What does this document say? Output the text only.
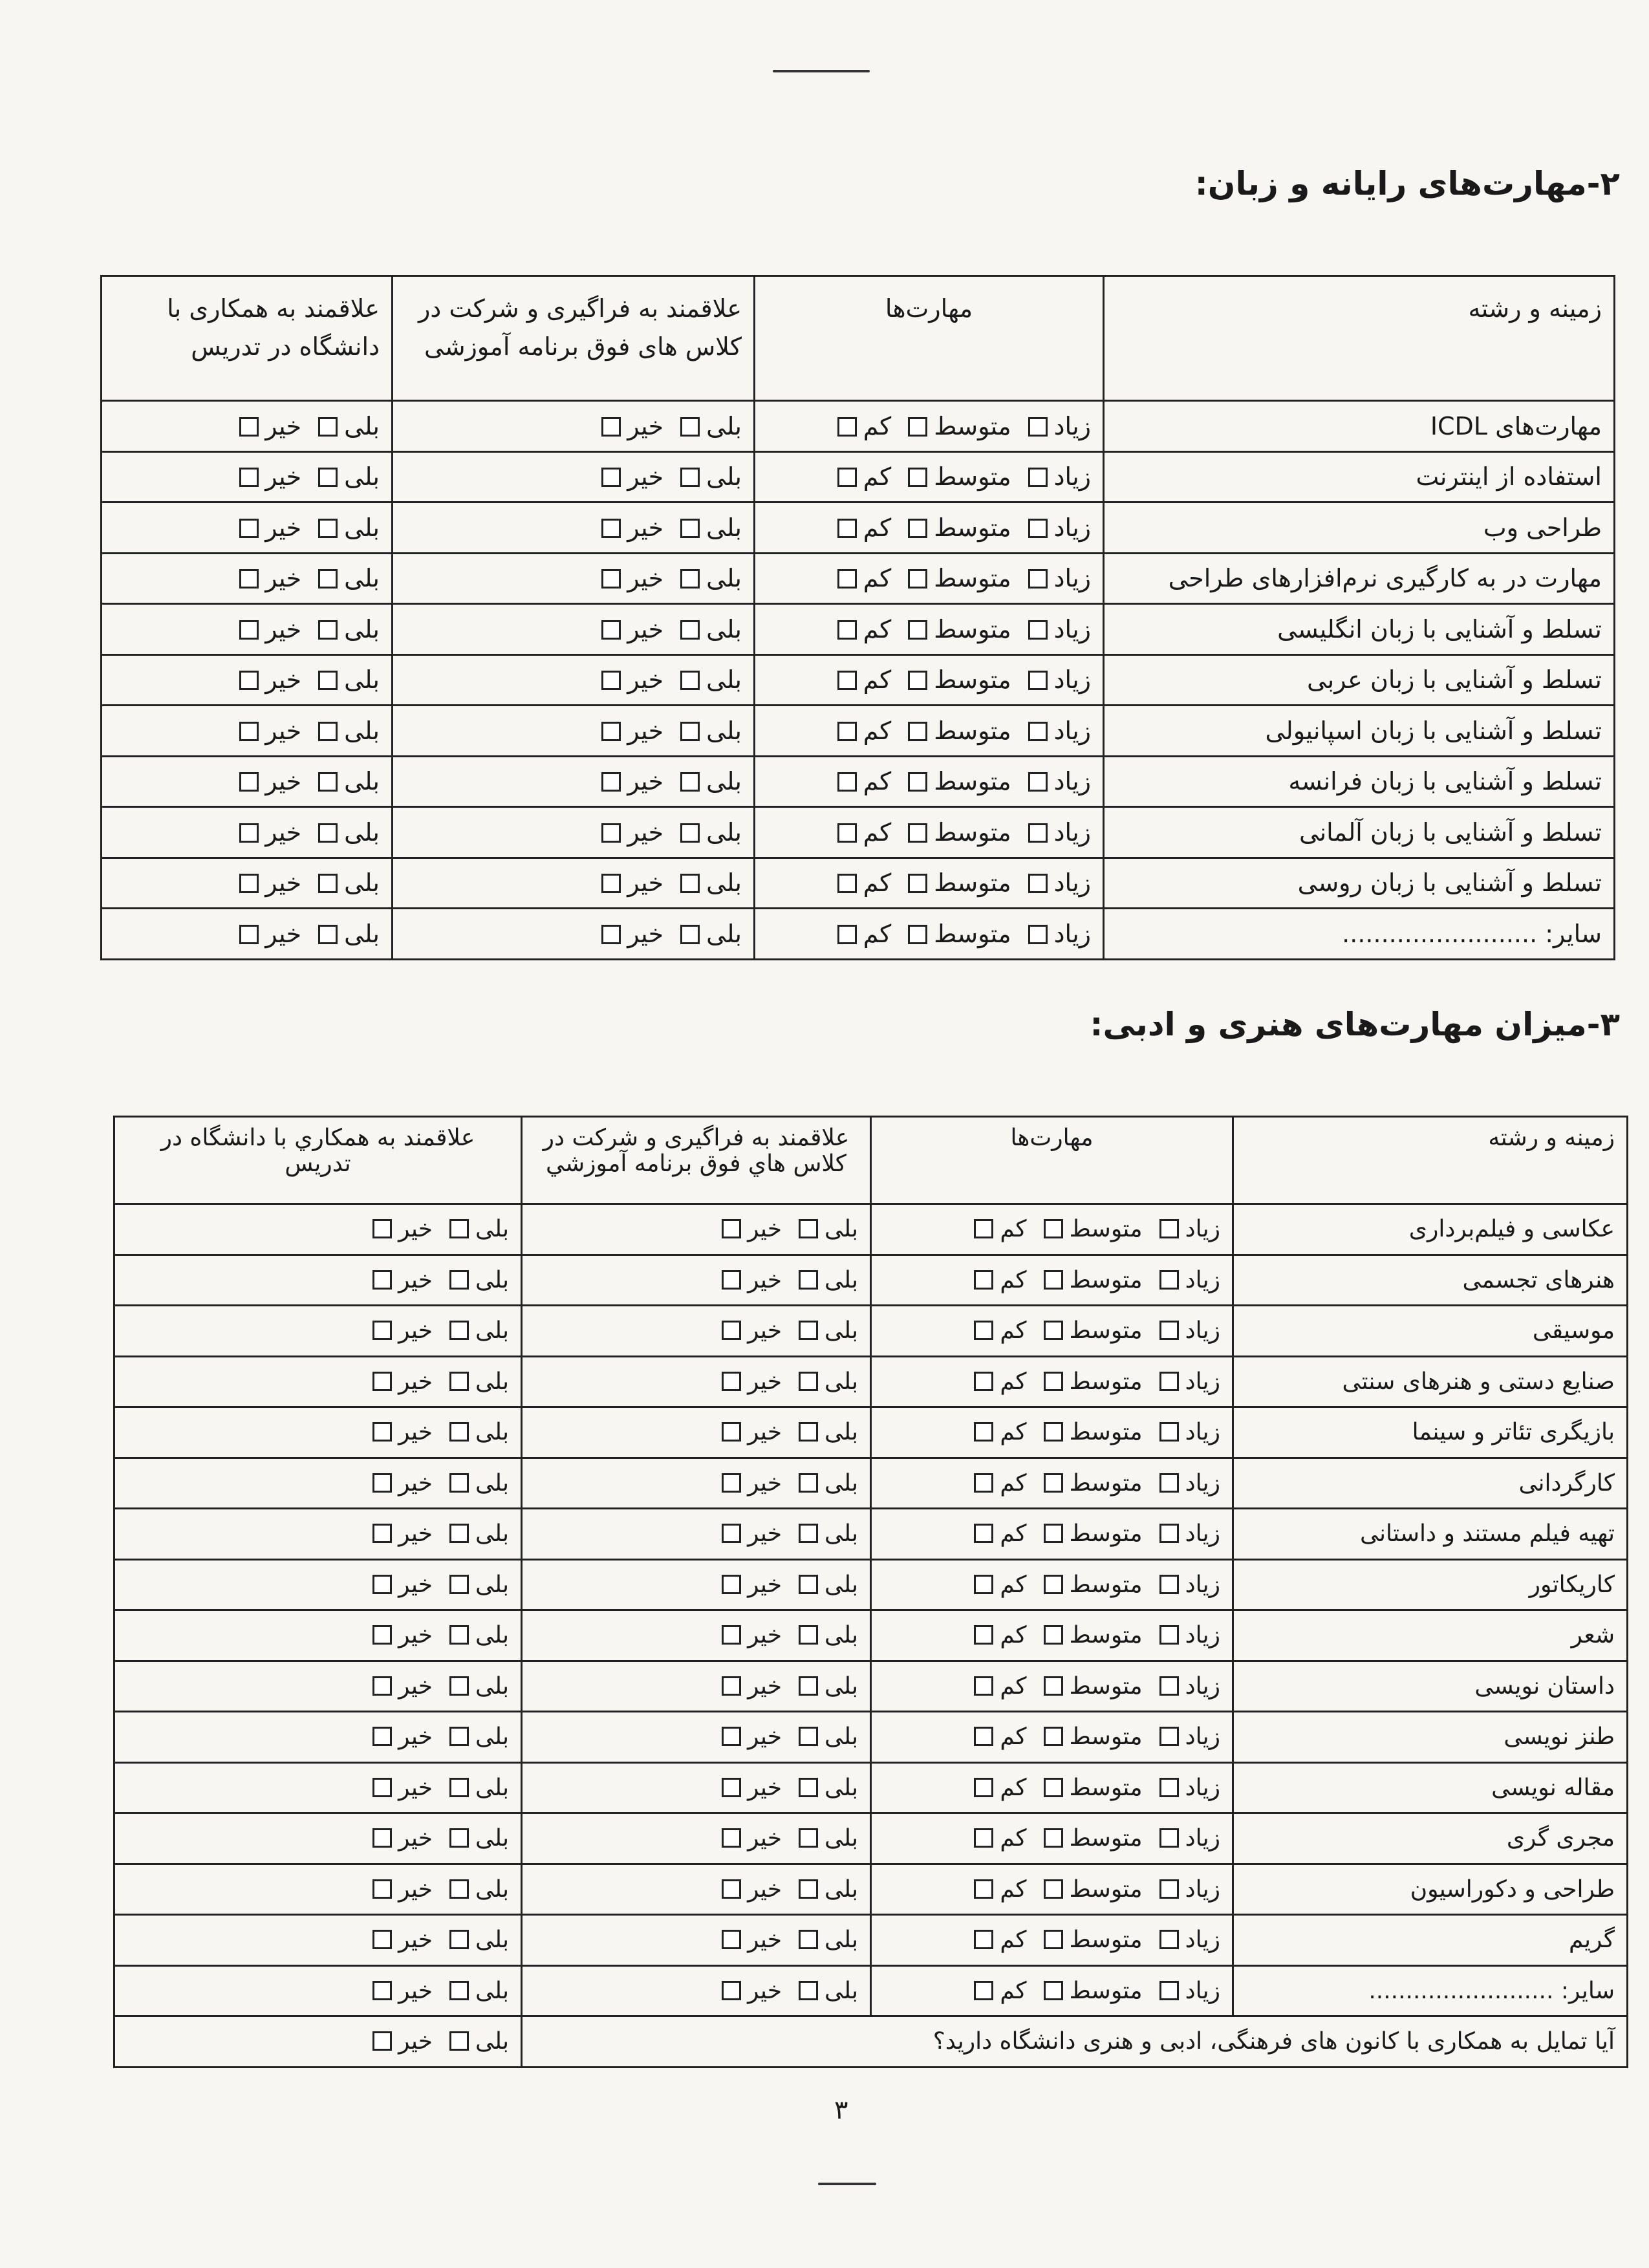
۲-مهارت‌های رایانه و زبان:
زمینه و رشته	مهارت‌ها	علاقمند به فراگیری و شرکت در کلاس های فوق برنامه آموزشی	علاقمند به همکاری با دانشگاه در تدریس
مهارت‌های ICDL	زیادمتوسطکم	بلیخیر	بلیخیر
استفاده از اینترنت	زیادمتوسطکم	بلیخیر	بلیخیر
طراحی وب	زیادمتوسطکم	بلیخیر	بلیخیر
مهارت در به کارگیری نرم‌افزارهای طراحی	زیادمتوسطکم	بلیخیر	بلیخیر
تسلط و آشنایی با زبان انگلیسی	زیادمتوسطکم	بلیخیر	بلیخیر
تسلط و آشنایی با زبان عربی	زیادمتوسطکم	بلیخیر	بلیخیر
تسلط و آشنایی با زبان اسپانیولی	زیادمتوسطکم	بلیخیر	بلیخیر
تسلط و آشنایی با زبان فرانسه	زیادمتوسطکم	بلیخیر	بلیخیر
تسلط و آشنایی با زبان آلمانی	زیادمتوسطکم	بلیخیر	بلیخیر
تسلط و آشنایی با زبان روسی	زیادمتوسطکم	بلیخیر	بلیخیر
سایر: .........................	زیادمتوسطکم	بلیخیر	بلیخیر
۳-میزان مهارت‌های هنری و ادبی:
زمینه و رشته	مهارت‌ها	علاقمند به فراگیری و شرکت در کلاس هاي فوق برنامه آموزشي	علاقمند به همکاري با دانشگاه در تدريس
عکاسی و فیلم‌برداری	زیادمتوسطکم	بلیخیر	بلیخیر
هنرهای تجسمی	زیادمتوسطکم	بلیخیر	بلیخیر
موسیقی	زیادمتوسطکم	بلیخیر	بلیخیر
صنایع دستی و هنرهای سنتی	زیادمتوسطکم	بلیخیر	بلیخیر
بازیگری تئاتر و سینما	زیادمتوسطکم	بلیخیر	بلیخیر
کارگردانی	زیادمتوسطکم	بلیخیر	بلیخیر
تهیه فیلم مستند و داستانی	زیادمتوسطکم	بلیخیر	بلیخیر
کاریکاتور	زیادمتوسطکم	بلیخیر	بلیخیر
شعر	زیادمتوسطکم	بلیخیر	بلیخیر
داستان نویسی	زیادمتوسطکم	بلیخیر	بلیخیر
طنز نویسی	زیادمتوسطکم	بلیخیر	بلیخیر
مقاله نویسی	زیادمتوسطکم	بلیخیر	بلیخیر
مجری گری	زیادمتوسطکم	بلیخیر	بلیخیر
طراحی و دکوراسیون	زیادمتوسطکم	بلیخیر	بلیخیر
گریم	زیادمتوسطکم	بلیخیر	بلیخیر
سایر: .........................	زیادمتوسطکم	بلیخیر	بلیخیر
آیا تمایل به همکاری با کانون های فرهنگی، ادبی و هنری دانشگاه دارید؟			بلیخیر
۳
